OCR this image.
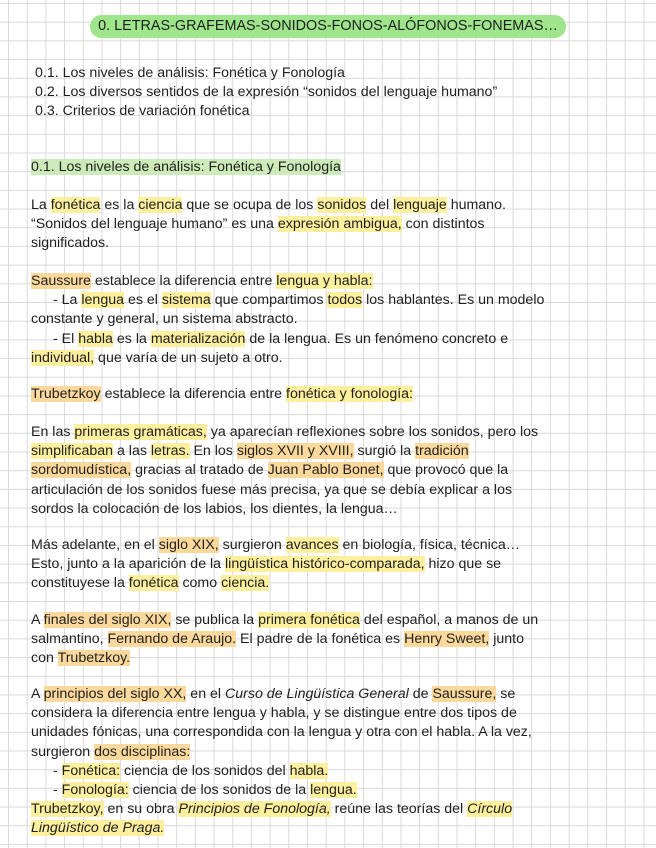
0. LETRAS-GRAFEMAS-SONIDOS-FONOS-ALÓFONOS-FONEMAS…
0.1. Los niveles de análisis: Fonética y Fonología
0.2. Los diversos sentidos de la expresión “sonidos del lenguaje humano”
0.3. Criterios de variación fonética
0.1. Los niveles de análisis: Fonética y Fonología
La fonética es la ciencia que se ocupa de los sonidos del lenguaje humano.
“Sonidos del lenguaje humano” es una expresión ambigua, con distintos
significados.
Saussure establece la diferencia entre lengua y habla:
- La lengua es el sistema que compartimos todos los hablantes. Es un modelo
constante y general, un sistema abstracto.
- El habla es la materialización de la lengua. Es un fenómeno concreto e
individual, que varía de un sujeto a otro.
Trubetzkoy establece la diferencia entre fonética y fonología:
En las primeras gramáticas, ya aparecían reflexiones sobre los sonidos, pero los
simplificaban a las letras. En los siglos XVII y XVIII, surgió la tradición
sordomudística, gracias al tratado de Juan Pablo Bonet, que provocó que la
articulación de los sonidos fuese más precisa, ya que se debía explicar a los
sordos la colocación de los labios, los dientes, la lengua…
Más adelante, en el siglo XIX, surgieron avances en biología, física, técnica…
Esto, junto a la aparición de la lingüística histórico-comparada, hizo que se
constituyese la fonética como ciencia.
A finales del siglo XIX, se publica la primera fonética del español, a manos de un
salmantino, Fernando de Araujo. El padre de la fonética es Henry Sweet, junto
con Trubetzkoy.
A principios del siglo XX, en el Curso de Lingüística General de Saussure, se
considera la diferencia entre lengua y habla, y se distingue entre dos tipos de
unidades fónicas, una correspondida con la lengua y otra con el habla. A la vez,
surgieron dos disciplinas:
- Fonética: ciencia de los sonidos del habla.
- Fonología: ciencia de los sonidos de la lengua.
Trubetzkoy, en su obra Principios de Fonología, reúne las teorías del Círculo
Lingüístico de Praga.
